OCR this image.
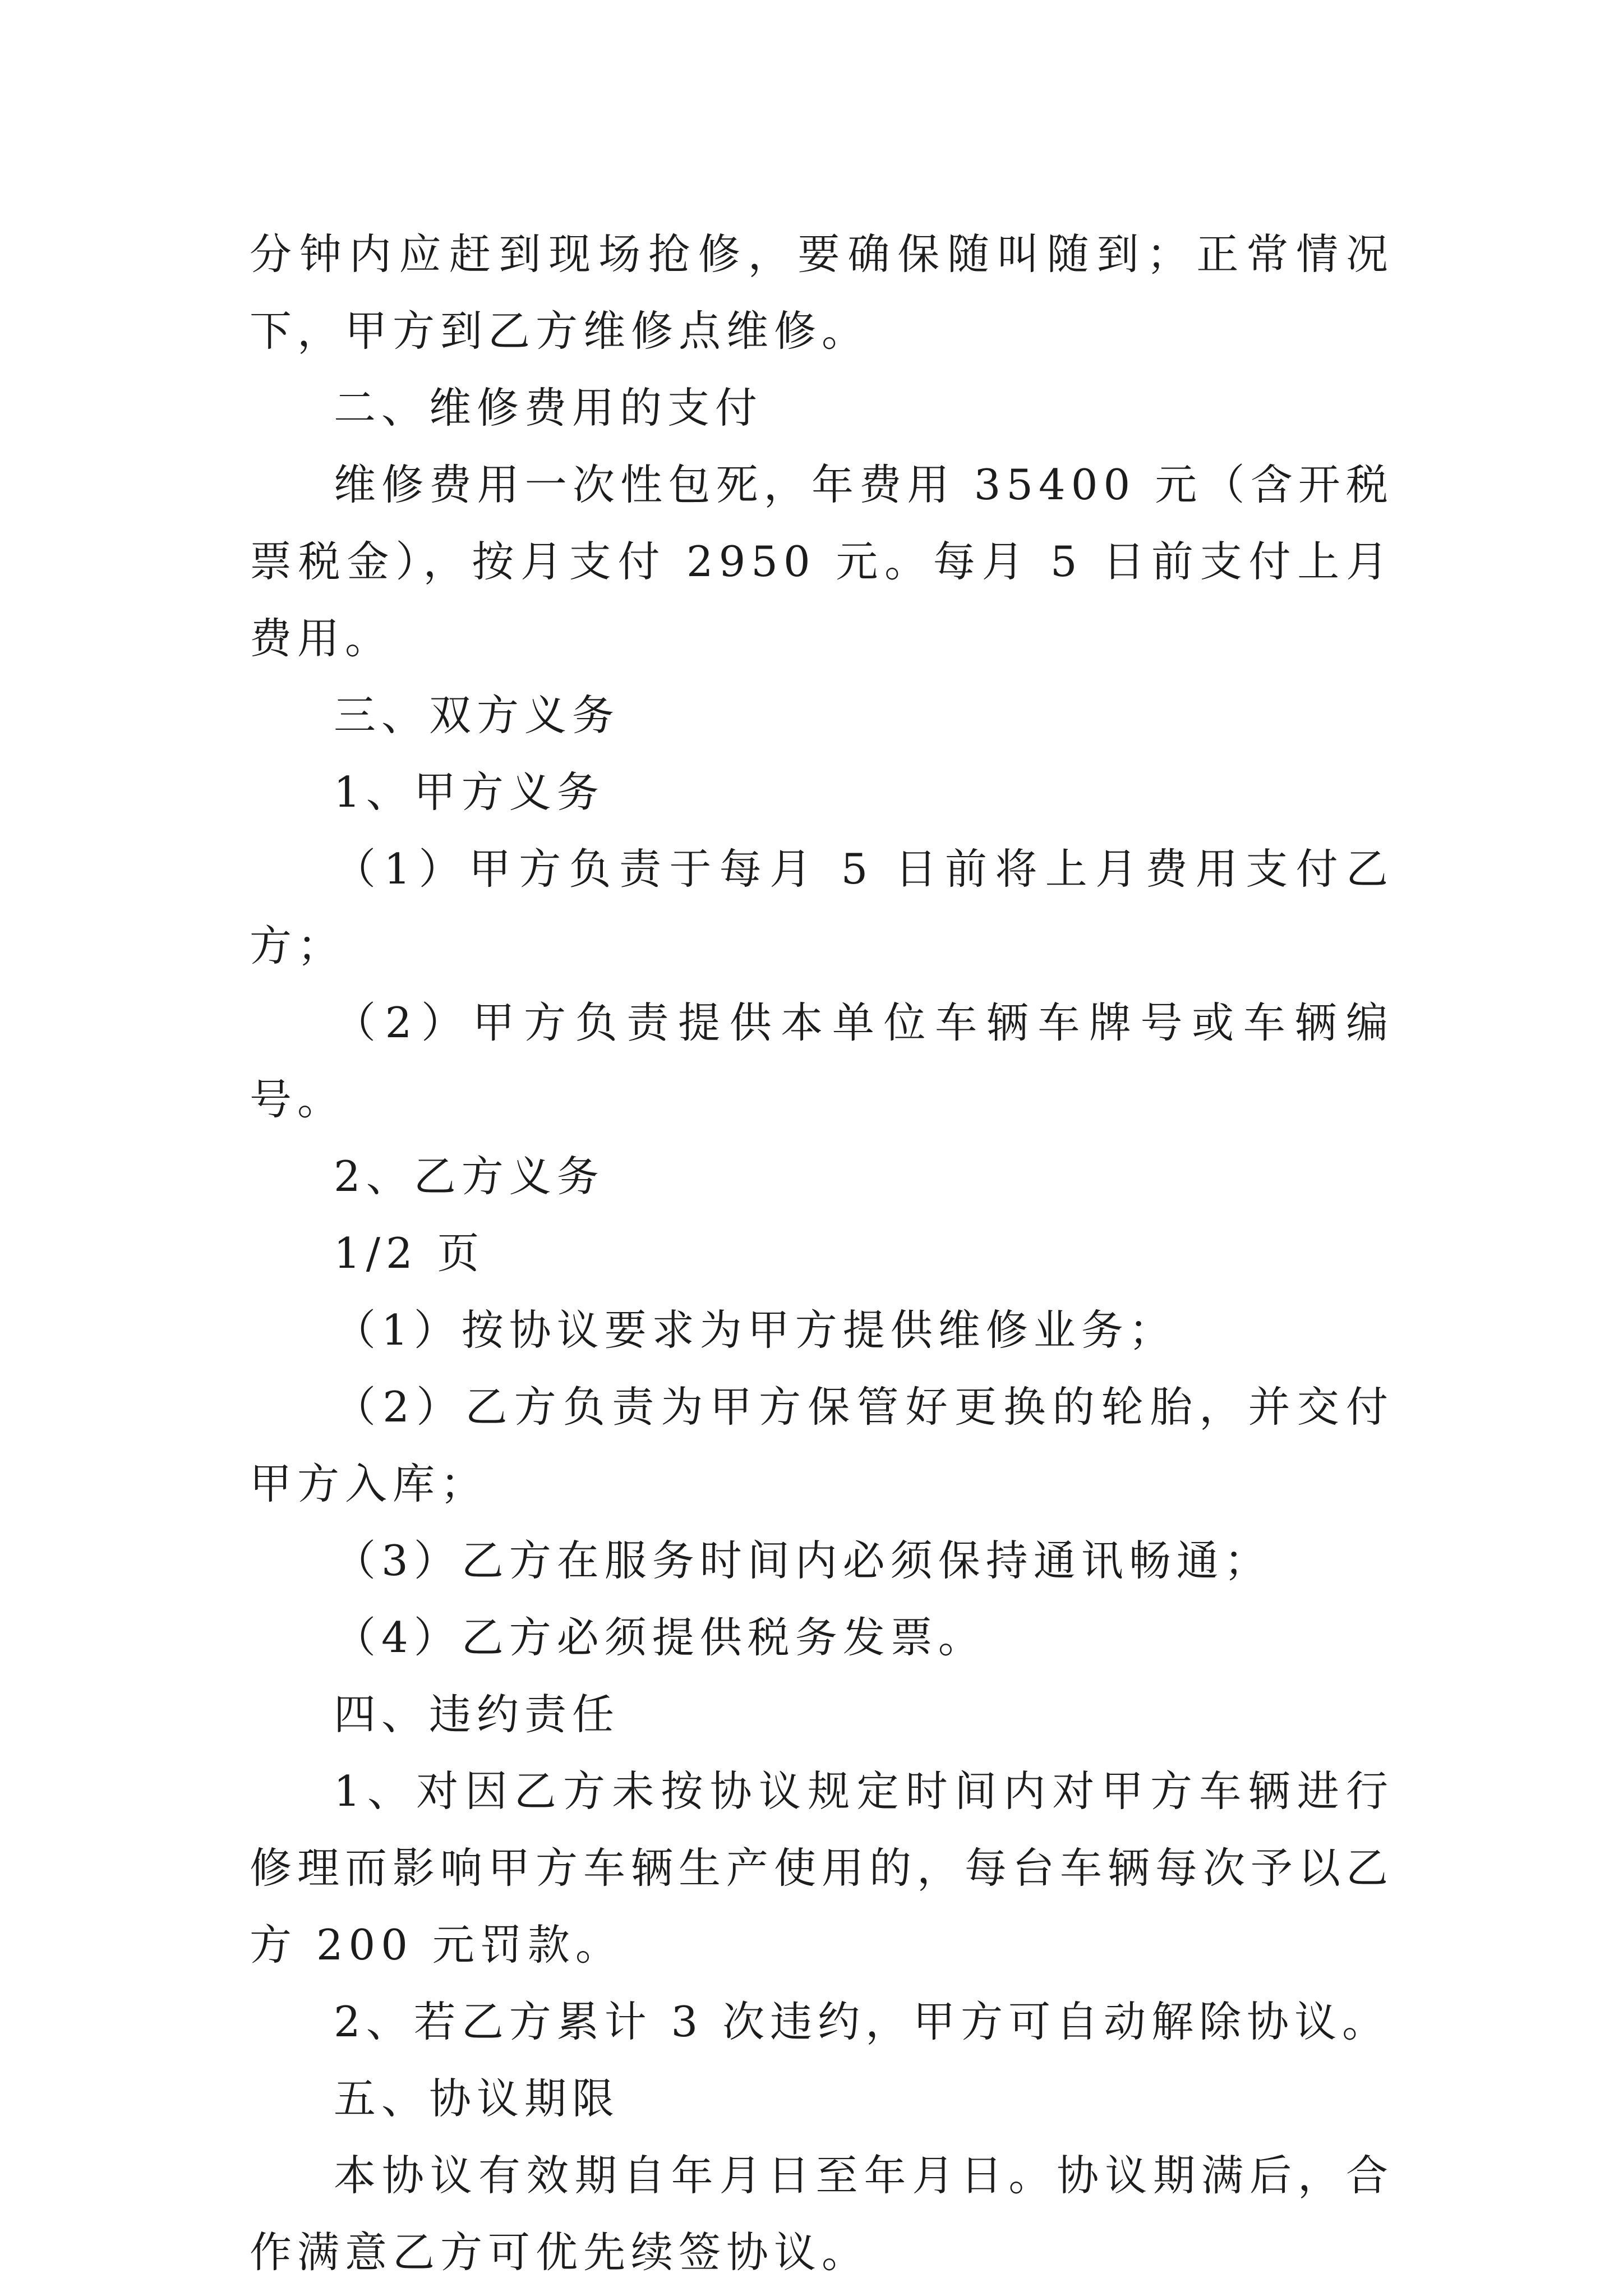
分钟内应赶到现场抢修，要确保随叫随到；正常情况下，甲方到乙方维修点维修。

二、维修费用的支付

维修费用一次性包死，年费用 35400 元（含开税票税金），按月支付 2950 元。每月 5 日前支付上月费用。

三、双方义务

1、甲方义务

（1）甲方负责于每月 5 日前将上月费用支付乙方；

（2）甲方负责提供本单位车辆车牌号或车辆编号。

2、乙方义务

1/2 页

（1）按协议要求为甲方提供维修业务；

（2）乙方负责为甲方保管好更换的轮胎，并交付甲方入库；

（3）乙方在服务时间内必须保持通讯畅通；

（4）乙方必须提供税务发票。

四、违约责任

1、对因乙方未按协议规定时间内对甲方车辆进行修理而影响甲方车辆生产使用的，每台车辆每次予以乙方 200 元罚款。

2、若乙方累计 3 次违约，甲方可自动解除协议。

五、协议期限

本协议有效期自年月日至年月日。协议期满后，合作满意乙方可优先续签协议。
